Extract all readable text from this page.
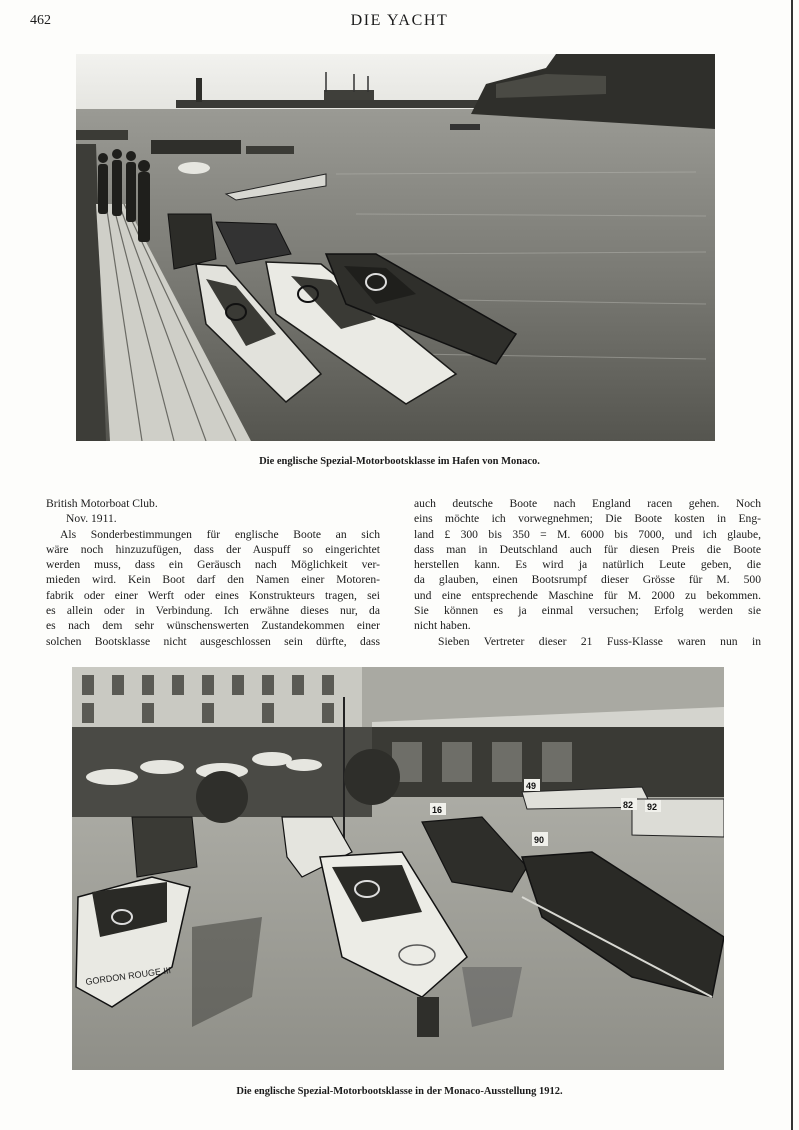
462	DIE YACHT
Die englische Spezial-Motorbootsklasse im Hafen von Monaco.
British Motorboat Club.
Nov. 1911.
Als Sonderbestimmungen für englische Boote an sich
wäre noch hinzuzufügen, dass der Auspuff so eingerichtet
werden muss, dass ein Geräusch nach Möglichkeit ver-
mieden wird. Kein Boot darf den Namen einer Motoren-
fabrik oder einer Werft oder eines Konstrukteurs tragen, sei
es allein oder in Verbindung. Ich erwähne dieses nur, da
es nach dem sehr wünschenswerten Zustandekommen einer
solchen Bootsklasse nicht ausgeschlossen sein dürfte, dass
auch deutsche Boote nach England racen gehen. Noch
eins möchte ich vorwegnehmen; Die Boote kosten in Eng-
land £ 300 bis 350 = M. 6000 bis 7000, und ich glaube,
dass man in Deutschland auch für diesen Preis die Boote
herstellen kann. Es wird ja natürlich Leute geben, die
da glauben, einen Bootsrumpf dieser Grösse für M. 500
und eine entsprechende Maschine für M. 2000 zu bekommen.
Sie können es ja einmal versuchen; Erfolg werden sie
nicht haben.
Sieben Vertreter dieser 21 Fuss-Klasse waren nun in
GORDON ROUGE III
16
90
49
82 92
Die englische Spezial-Motorbootsklasse in der Monaco-Ausstellung 1912.
